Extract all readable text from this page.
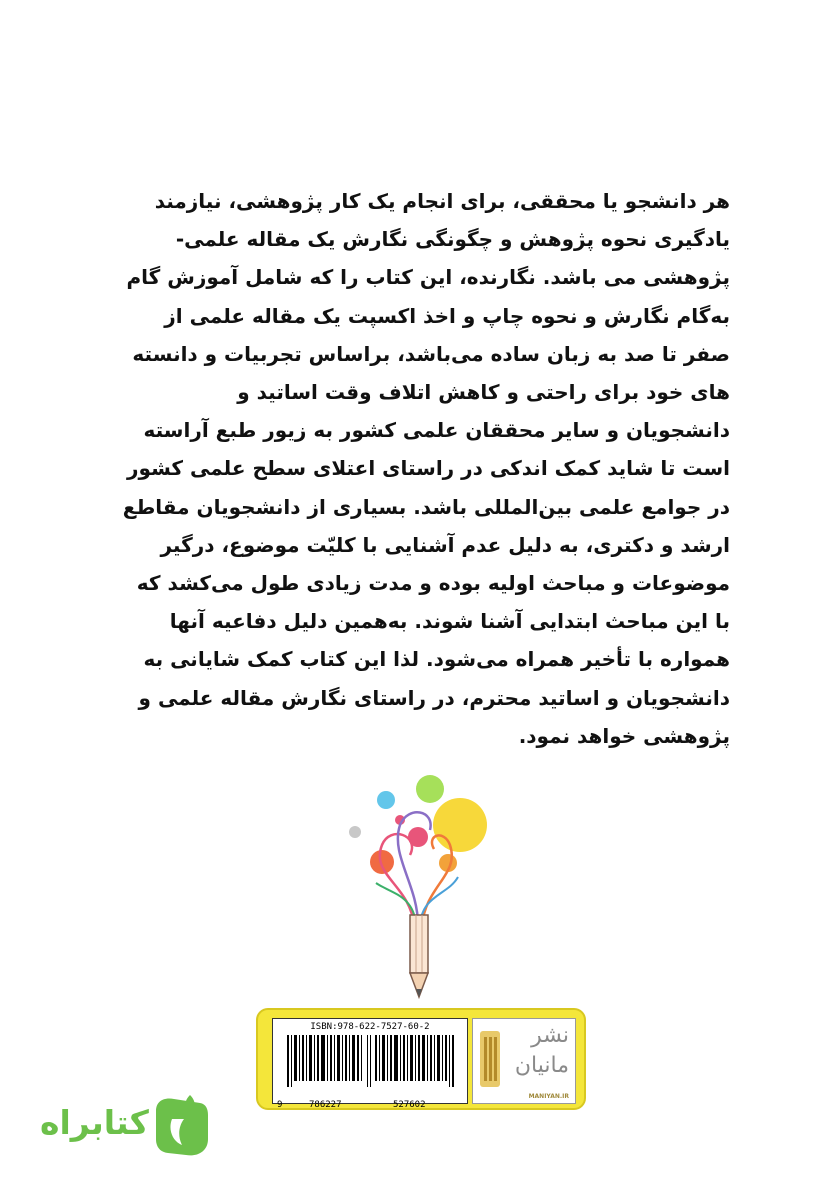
هر دانشجو یا محققی، برای انجام یک کار پژوهشی، نیازمند

یادگیری نحوه پژوهش و چگونگی نگارش یک مقاله علمی-

پژوهشی می باشد. نگارنده، این کتاب را که شامل آموزش گام

به‌گام نگارش و نحوه چاپ و اخذ اکسپت یک مقاله علمی از

صفر تا صد به زبان ساده می‌باشد، براساس تجربیات و دانسته

های خود برای راحتی و کاهش اتلاف وقت اساتید و

دانشجویان و سایر محققان علمی کشور به زیور طبع آراسته

است تا شاید کمک اندکی در راستای اعتلای سطح علمی کشور

در جوامع علمی بین‌المللی باشد. بسیاری از دانشجویان مقاطع

ارشد و دکتری، به دلیل عدم آشنایی با کلیّت موضوع، درگیر

موضوعات و مباحث اولیه بوده و مدت زیادی طول می‌کشد که

با این مباحث ابتدایی آشنا شوند. به‌همین دلیل دفاعیه آنها

همواره با تأخیر همراه می‌شود. لذا این کتاب کمک شایانی به

دانشجویان و اساتید محترم، در راستای نگارش مقاله علمی و

پژوهشی خواهد نمود.

ISBN:978-622-7527-60-2
9	786227	527602
نشر
مانیان
MANIYAN.IR
کتابراه
